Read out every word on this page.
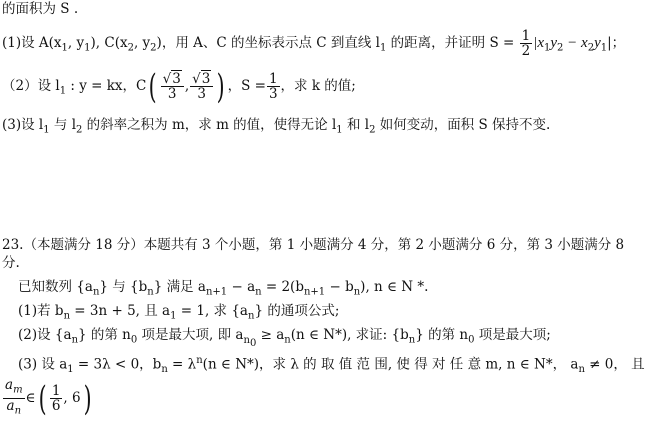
的面积为 S .
(1)设 $A(x_1$, $y_1$), $C(x_2$, $y_2$)，用 A、C 的坐标表示点 C 到直线 $l_1$ 的距离，并证明 $S = \frac{1}{2} |x_1y_2 - x_2y_1|$；
（2）设 $l_1$ : y = kx，$C( \frac{√3}{3}$ , $\frac{√3}{3}$ ) ，$S = \frac{1}{3}$ ，求 k 的值;
(3)设 $l_1$ 与 $l_2$ 的斜率之积为 m，求 m 的值，使得无论 $l_1$ 和 $l_2$ 如何变动，面积 S 保持不变.
23.（本题满分 18 分）本题共有 3 个小题，第 1 小题满分 4 分，第 2 小题满分 6 分，第 3 小题满分 8
分.
已知数列 $\{a_n\}$ 与 $\{b_n\}$ 满足 $a_{n+1} - a_n = 2(b_{n+1} - b_n)$, n ∈ N *.
(1)若 $b_n = 3n + 5$, 且 $a_1 = 1$, 求 $\{a_n\}$ 的通项公式;
(2)设 $\{a_n\}$ 的第 $n_0$ 项是最大项, 即 $a_{n_0} \ge a_n(n$ ∈ N*), 求证: $\{b_n\}$ 的第 $n_0$ 项是最大项;
(3) 设 $a_1 = 3\lambda < 0$，$b_n = \lambda^n(n$ ∈ N*)，求 λ 的 取 值 范 围, 使 得 对 任 意 m, n ∈ N*， $a_n \ne 0$， 且
$\frac{a_m}{a_n}$ ∈( $\frac{1}{6}$ , 6)
